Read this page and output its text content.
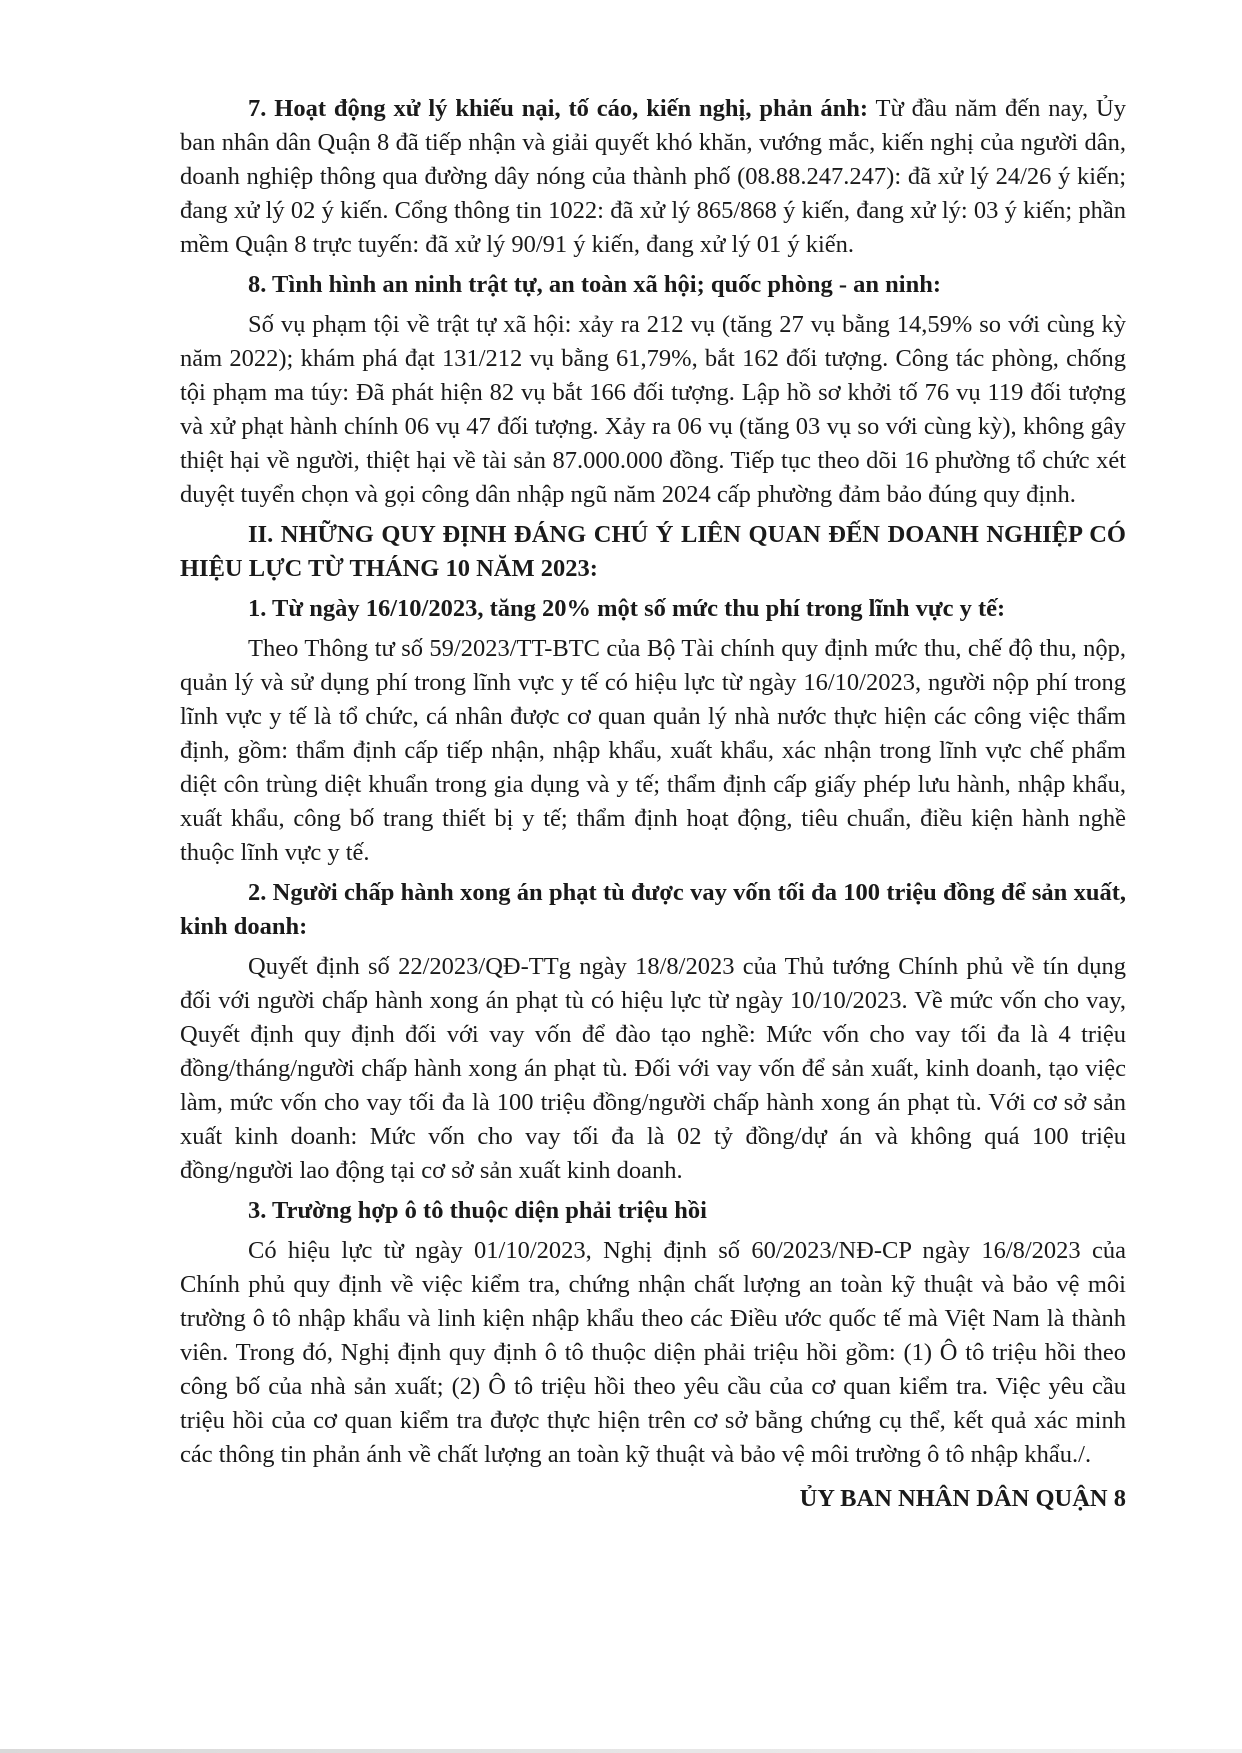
7. Hoạt động xử lý khiếu nại, tố cáo, kiến nghị, phản ánh: Từ đầu năm đến nay, Ủy ban nhân dân Quận 8 đã tiếp nhận và giải quyết khó khăn, vướng mắc, kiến nghị của người dân, doanh nghiệp thông qua đường dây nóng của thành phố (08.88.247.247): đã xử lý 24/26 ý kiến; đang xử lý 02 ý kiến. Cổng thông tin 1022: đã xử lý 865/868 ý kiến, đang xử lý: 03 ý kiến; phần mềm Quận 8 trực tuyến: đã xử lý 90/91 ý kiến, đang xử lý 01 ý kiến.

8. Tình hình an ninh trật tự, an toàn xã hội; quốc phòng - an ninh:

Số vụ phạm tội về trật tự xã hội: xảy ra 212 vụ (tăng 27 vụ bằng 14,59% so với cùng kỳ năm 2022); khám phá đạt 131/212 vụ bằng 61,79%, bắt 162 đối tượng. Công tác phòng, chống tội phạm ma túy: Đã phát hiện 82 vụ bắt 166 đối tượng. Lập hồ sơ khởi tố 76 vụ 119 đối tượng và xử phạt hành chính 06 vụ 47 đối tượng. Xảy ra 06 vụ (tăng 03 vụ so với cùng kỳ), không gây thiệt hại về người, thiệt hại về tài sản 87.000.000 đồng. Tiếp tục theo dõi 16 phường tổ chức xét duyệt tuyển chọn và gọi công dân nhập ngũ năm 2024 cấp phường đảm bảo đúng quy định.

II. NHỮNG QUY ĐỊNH ĐÁNG CHÚ Ý LIÊN QUAN ĐẾN DOANH NGHIỆP CÓ HIỆU LỰC TỪ THÁNG 10 NĂM 2023:

1. Từ ngày 16/10/2023, tăng 20% một số mức thu phí trong lĩnh vực y tế:

Theo Thông tư số 59/2023/TT-BTC của Bộ Tài chính quy định mức thu, chế độ thu, nộp, quản lý và sử dụng phí trong lĩnh vực y tế có hiệu lực từ ngày 16/10/2023, người nộp phí trong lĩnh vực y tế là tổ chức, cá nhân được cơ quan quản lý nhà nước thực hiện các công việc thẩm định, gồm: thẩm định cấp tiếp nhận, nhập khẩu, xuất khẩu, xác nhận trong lĩnh vực chế phẩm diệt côn trùng diệt khuẩn trong gia dụng và y tế; thẩm định cấp giấy phép lưu hành, nhập khẩu, xuất khẩu, công bố trang thiết bị y tế; thẩm định hoạt động, tiêu chuẩn, điều kiện hành nghề thuộc lĩnh vực y tế.

2. Người chấp hành xong án phạt tù được vay vốn tối đa 100 triệu đồng để sản xuất, kinh doanh:

Quyết định số 22/2023/QĐ-TTg ngày 18/8/2023 của Thủ tướng Chính phủ về tín dụng đối với người chấp hành xong án phạt tù có hiệu lực từ ngày 10/10/2023. Về mức vốn cho vay, Quyết định quy định đối với vay vốn để đào tạo nghề: Mức vốn cho vay tối đa là 4 triệu đồng/tháng/người chấp hành xong án phạt tù. Đối với vay vốn để sản xuất, kinh doanh, tạo việc làm, mức vốn cho vay tối đa là 100 triệu đồng/người chấp hành xong án phạt tù. Với cơ sở sản xuất kinh doanh: Mức vốn cho vay tối đa là 02 tỷ đồng/dự án và không quá 100 triệu đồng/người lao động tại cơ sở sản xuất kinh doanh.

3. Trường hợp ô tô thuộc diện phải triệu hồi

Có hiệu lực từ ngày 01/10/2023, Nghị định số 60/2023/NĐ-CP ngày 16/8/2023 của Chính phủ quy định về việc kiểm tra, chứng nhận chất lượng an toàn kỹ thuật và bảo vệ môi trường ô tô nhập khẩu và linh kiện nhập khẩu theo các Điều ước quốc tế mà Việt Nam là thành viên. Trong đó, Nghị định quy định ô tô thuộc diện phải triệu hồi gồm: (1) Ô tô triệu hồi theo công bố của nhà sản xuất; (2) Ô tô triệu hồi theo yêu cầu của cơ quan kiểm tra. Việc yêu cầu triệu hồi của cơ quan kiểm tra được thực hiện trên cơ sở bằng chứng cụ thể, kết quả xác minh các thông tin phản ánh về chất lượng an toàn kỹ thuật và bảo vệ môi trường ô tô nhập khẩu./.

ỦY BAN NHÂN DÂN QUẬN 8
